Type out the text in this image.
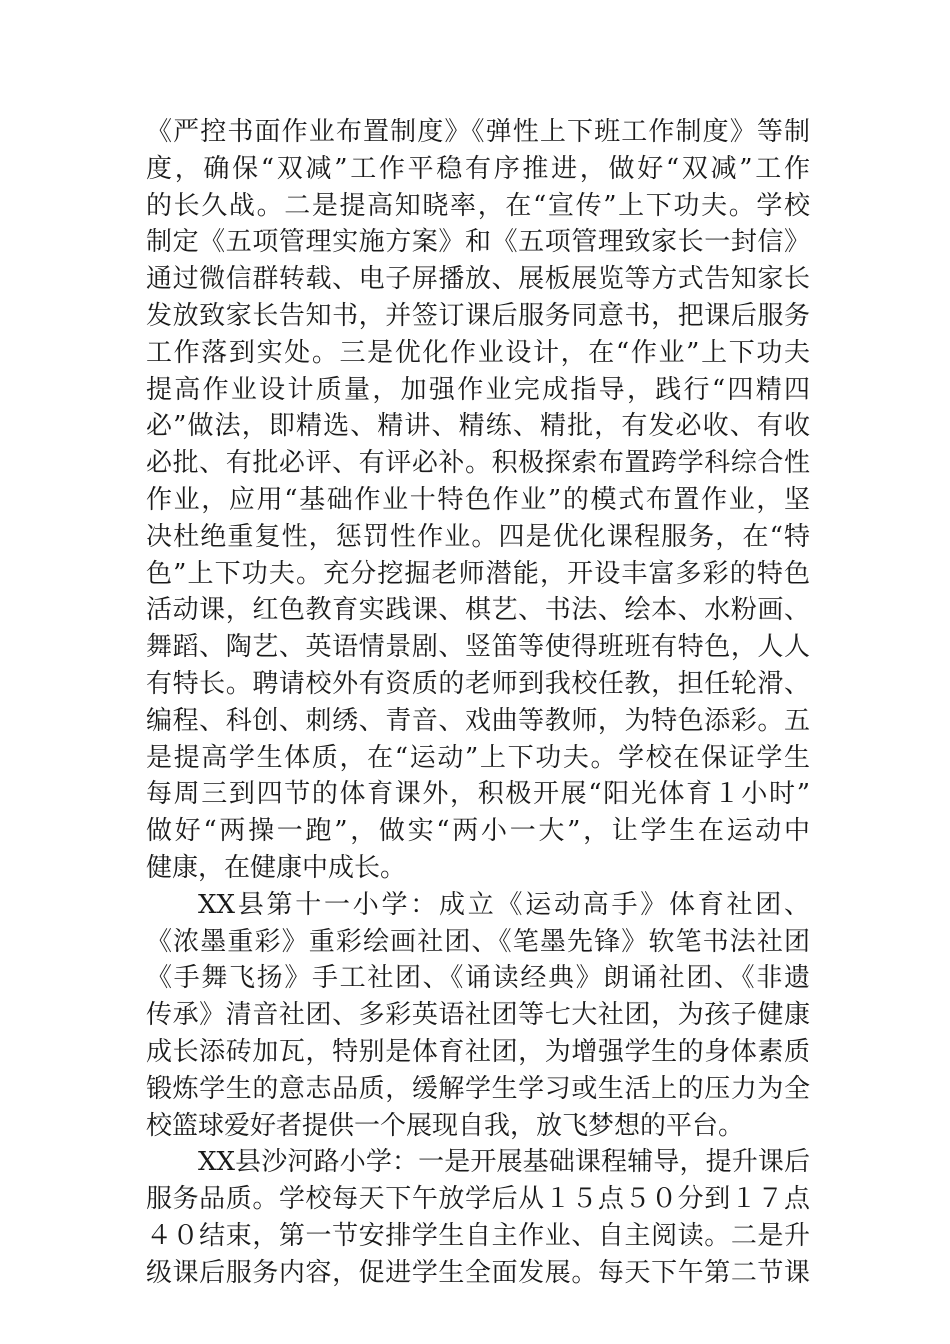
《严控书面作业布置制度》《弹性上下班工作制度》等制
度，确保“双减”工作平稳有序推进，做好“双减”工作
的长久战。二是提高知晓率，在“宣传”上下功夫。学校
制定《五项管理实施方案》和《五项管理致家长一封信》
通过微信群转载、电子屏播放、展板展览等方式告知家长
发放致家长告知书，并签订课后服务同意书，把课后服务
工作落到实处。三是优化作业设计，在“作业”上下功夫
提高作业设计质量，加强作业完成指导，践行“四精四
必”做法，即精选、精讲、精练、精批，有发必收、有收
必批、有批必评、有评必补。积极探索布置跨学科综合性
作业，应用“基础作业十特色作业”的模式布置作业，坚
决杜绝重复性，惩罚性作业。四是优化课程服务，在“特
色”上下功夫。充分挖掘老师潜能，开设丰富多彩的特色
活动课，红色教育实践课、棋艺、书法、绘本、水粉画、
舞蹈、陶艺、英语情景剧、竖笛等使得班班有特色，人人
有特长。聘请校外有资质的老师到我校任教，担任轮滑、
编程、科创、刺绣、青音、戏曲等教师，为特色添彩。五
是提高学生体质，在“运动”上下功夫。学校在保证学生
每周三到四节的体育课外，积极开展“阳光体育１小时”
做好“两操一跑”，做实“两小一大”，让学生在运动中
健康，在健康中成长。
XX县第十一小学：成立《运动高手》体育社团、
《浓墨重彩》重彩绘画社团、《笔墨先锋》软笔书法社团
《手舞飞扬》手工社团、《诵读经典》朗诵社团、《非遗
传承》清音社团、多彩英语社团等七大社团，为孩子健康
成长添砖加瓦，特别是体育社团，为增强学生的身体素质
锻炼学生的意志品质，缓解学生学习或生活上的压力为全
校篮球爱好者提供一个展现自我，放飞梦想的平台。
XX县沙河路小学：一是开展基础课程辅导，提升课后
服务品质。学校每天下午放学后从１５点５０分到１７点
４０结束，第一节安排学生自主作业、自主阅读。二是升
级课后服务内容，促进学生全面发展。每天下午第二节课
